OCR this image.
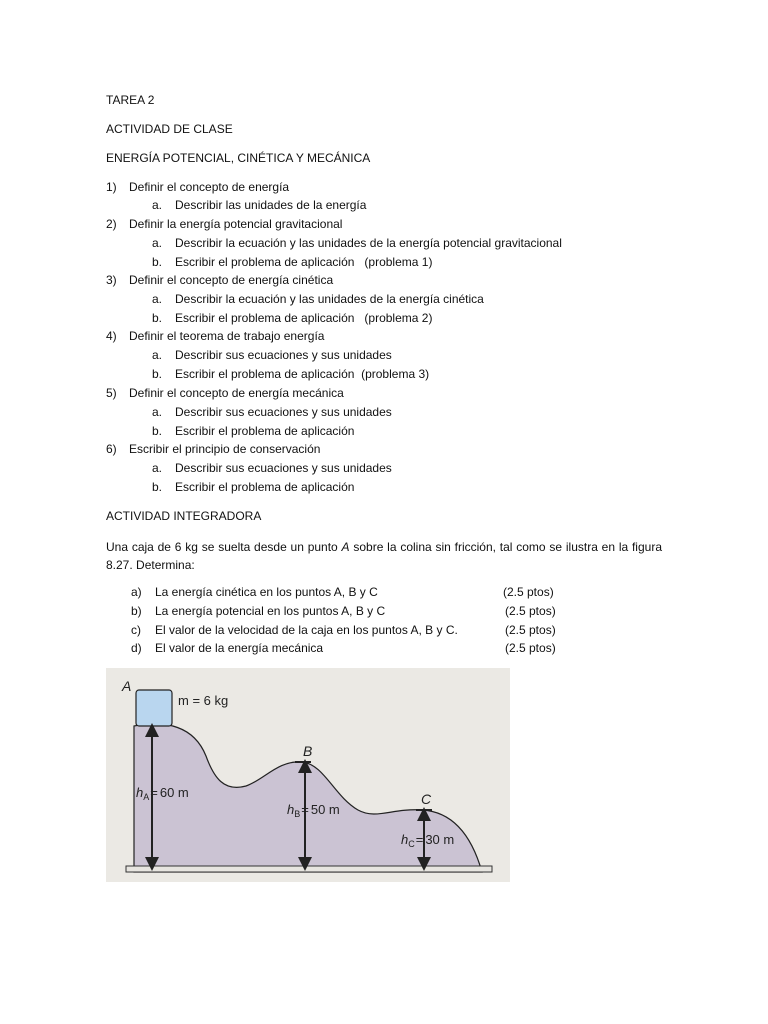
TAREA 2
ACTIVIDAD DE CLASE
ENERGÍA POTENCIAL, CINÉTICA Y MECÁNICA
1) Definir el concepto de energía
a. Describir las unidades de la energía
2) Definir la energía potencial gravitacional
a. Describir la ecuación y las unidades de la energía potencial gravitacional
b. Escribir el problema de aplicación   (problema 1)
3) Definir el concepto de energía cinética
a. Describir la ecuación y las unidades de la energía cinética
b. Escribir el problema de aplicación   (problema 2)
4) Definir el teorema de trabajo energía
a. Describir sus ecuaciones y sus unidades
b. Escribir el problema de aplicación  (problema 3)
5) Definir el concepto de energía mecánica
a. Describir sus ecuaciones y sus unidades
b. Escribir el problema de aplicación
6) Escribir el principio de conservación
a. Describir sus ecuaciones y sus unidades
b. Escribir el problema de aplicación
ACTIVIDAD INTEGRADORA
Una caja de 6 kg se suelta desde un punto A sobre la colina sin fricción, tal como se ilustra en la figura 8.27. Determina:
a) La energía cinética en los puntos A, B y C	(2.5 ptos)
b) La energía potencial en los puntos A, B y C	(2.5 ptos)
c) El valor de la velocidad de la caja en los puntos A, B y C.	(2.5 ptos)
d) El valor de la energía mecánica	(2.5 ptos)
A
B
C
m = 6 kg
$h_A= 60$ m
$h_B= 50$ m
$h_C= 30$ m
